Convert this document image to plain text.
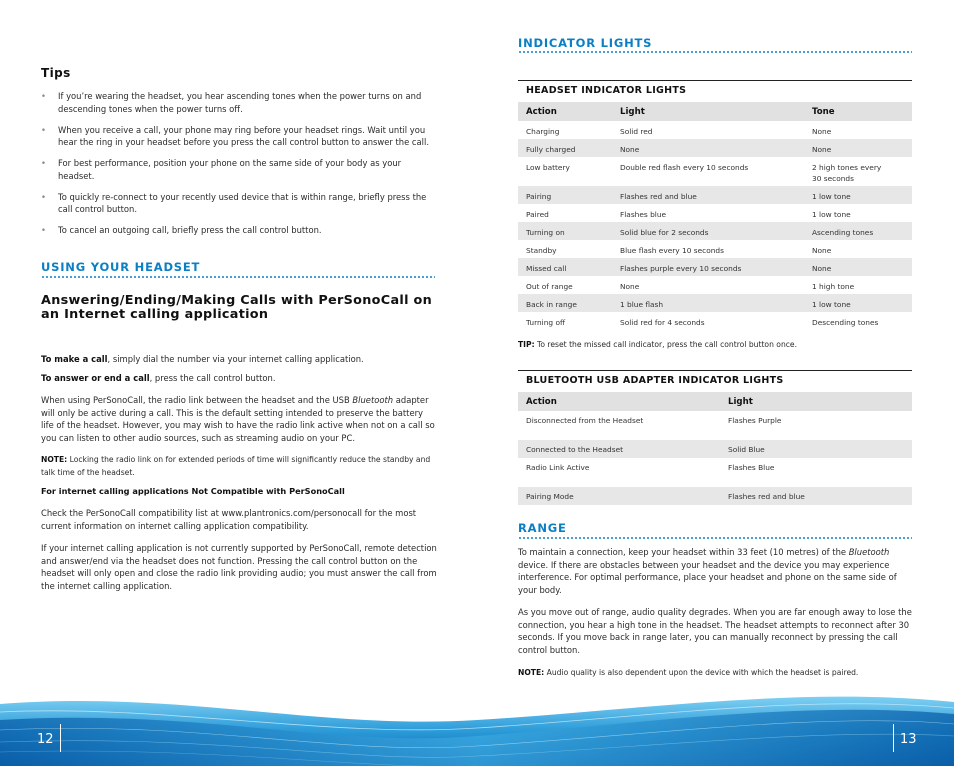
Tips
• If you’re wearing the headset, you hear ascending tones when the power turns on and descending tones when the power turns off.
• When you receive a call, your phone may ring before your headset rings. Wait until you hear the ring in your headset before you press the call control button to answer the call.
• For best performance, position your phone on the same side of your body as your headset.
• To quickly re-connect to your recently used device that is within range, briefly press the call control button.
• To cancel an outgoing call, briefly press the call control button.
USING YOUR HEADSET
Answering/Ending/Making Calls with PerSonoCall on an Internet calling application
To make a call, simply dial the number via your internet calling application.
To answer or end a call, press the call control button.
When using PerSonoCall, the radio link between the headset and the USB Bluetooth adapter will only be active during a call. This is the default setting intended to preserve the battery life of the headset. However, you may wish to have the radio link active when not on a call so you can listen to other audio sources, such as streaming audio on your PC.
NOTE: Locking the radio link on for extended periods of time will significantly reduce the standby and talk time of the headset.
For internet calling applications Not Compatible with PerSonoCall
Check the PerSonoCall compatibility list at www.plantronics.com/personocall for the most current information on internet calling application compatibility.
If your internet calling application is not currently supported by PerSonoCall, remote detection and answer/end via the headset does not function. Pressing the call control button on the headset will only open and close the radio link providing audio; you must answer the call from the internet calling application.
INDICATOR LIGHTS
HEADSET INDICATOR LIGHTS
Action	Light	Tone
Charging	Solid red	None
Fully charged	None	None
Low battery	Double red flash every 10 seconds	2 high tones every
30 seconds
Pairing	Flashes red and blue	1 low tone
Paired	Flashes blue	1 low tone
Turning on	Solid blue for 2 seconds	Ascending tones
Standby	Blue flash every 10 seconds	None
Missed call	Flashes purple every 10 seconds	None
Out of range	None	1 high tone
Back in range	1 blue flash	1 low tone
Turning off	Solid red for 4 seconds	Descending tones
TIP: To reset the missed call indicator, press the call control button once.
BLUETOOTH USB ADAPTER INDICATOR LIGHTS
Action	Light
Disconnected from the Headset	Flashes Purple
Connected to the Headset	Solid Blue
Radio Link Active	Flashes Blue
Pairing Mode	Flashes red and blue
RANGE
To maintain a connection, keep your headset within 33 feet (10 metres) of the Bluetooth device. If there are obstacles between your headset and the device you may experience interference. For optimal performance, place your headset and phone on the same side of your body.
As you move out of range, audio quality degrades. When you are far enough away to lose the connection, you hear a high tone in the headset. The headset attempts to reconnect after 30 seconds. If you move back in range later, you can manually reconnect by pressing the call control button.
NOTE: Audio quality is also dependent upon the device with which the headset is paired.
12	13
